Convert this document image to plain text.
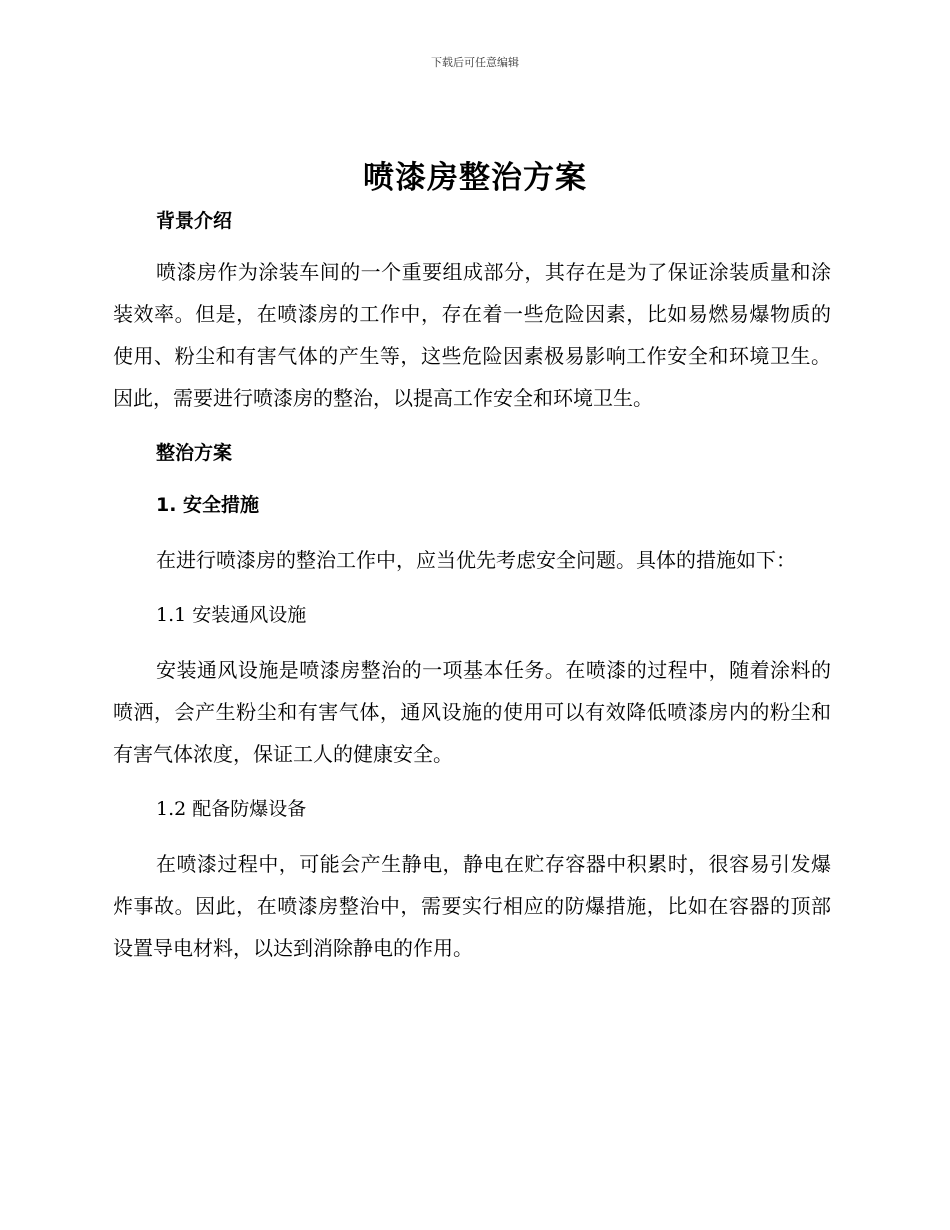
下载后可任意编辑
喷漆房整治方案

背景介绍

喷漆房作为涂装车间的一个重要组成部分，其存在是为了保证涂装质量和涂装效率。但是，在喷漆房的工作中，存在着一些危险因素，比如易燃易爆物质的使用、粉尘和有害气体的产生等，这些危险因素极易影响工作安全和环境卫生。因此，需要进行喷漆房的整治，以提高工作安全和环境卫生。

整治方案

1. 安全措施

在进行喷漆房的整治工作中，应当优先考虑安全问题。具体的措施如下：

1.1 安装通风设施

安装通风设施是喷漆房整治的一项基本任务。在喷漆的过程中，随着涂料的喷洒，会产生粉尘和有害气体，通风设施的使用可以有效降低喷漆房内的粉尘和有害气体浓度，保证工人的健康安全。

1.2 配备防爆设备

在喷漆过程中，可能会产生静电，静电在贮存容器中积累时，很容易引发爆炸事故。因此，在喷漆房整治中，需要实行相应的防爆措施，比如在容器的顶部设置导电材料，以达到消除静电的作用。
